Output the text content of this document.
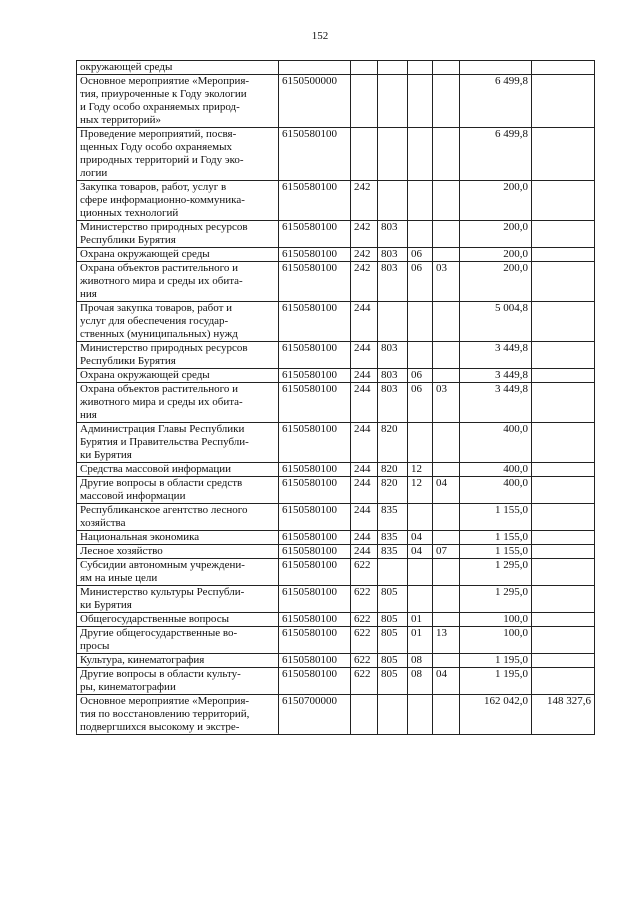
152
окружающей среды							
Основное мероприятие «Мероприя-
тия, приуроченные к Году экологии
и Году особо охраняемых природ-
ных территорий»	6150500000					6 499,8	
Проведение мероприятий, посвя-
щенных Году особо охраняемых
природных территорий и Году эко-
логии	6150580100					6 499,8	
Закупка товаров, работ, услуг в
сфере информационно-коммуника-
ционных технологий	6150580100	242				200,0	
Министерство природных ресурсов
Республики Бурятия	6150580100	242	803			200,0	
Охрана окружающей среды	6150580100	242	803	06		200,0	
Охрана объектов растительного и
животного мира и среды их обита-
ния	6150580100	242	803	06	03	200,0	
Прочая закупка товаров, работ и
услуг для обеспечения государ-
ственных (муниципальных) нужд	6150580100	244				5 004,8	
Министерство природных ресурсов
Республики Бурятия	6150580100	244	803			3 449,8	
Охрана окружающей среды	6150580100	244	803	06		3 449,8	
Охрана объектов растительного и
животного мира и среды их обита-
ния	6150580100	244	803	06	03	3 449,8	
Администрация Главы Республики
Бурятия и Правительства Республи-
ки Бурятия	6150580100	244	820			400,0	
Средства массовой информации	6150580100	244	820	12		400,0	
Другие вопросы в области средств
массовой информации	6150580100	244	820	12	04	400,0	
Республиканское агентство лесного
хозяйства	6150580100	244	835			1 155,0	
Национальная экономика	6150580100	244	835	04		1 155,0	
Лесное хозяйство	6150580100	244	835	04	07	1 155,0	
Субсидии автономным учреждени-
ям на иные цели	6150580100	622				1 295,0	
Министерство культуры Республи-
ки Бурятия	6150580100	622	805			1 295,0	
Общегосударственные вопросы	6150580100	622	805	01		100,0	
Другие общегосударственные во-
просы	6150580100	622	805	01	13	100,0	
Культура, кинематография	6150580100	622	805	08		1 195,0	
Другие вопросы в области культу-
ры, кинематографии	6150580100	622	805	08	04	1 195,0	
Основное мероприятие «Мероприя-
тия по восстановлению территорий,
подвергшихся высокому и экстре-	6150700000					162 042,0	148 327,6
